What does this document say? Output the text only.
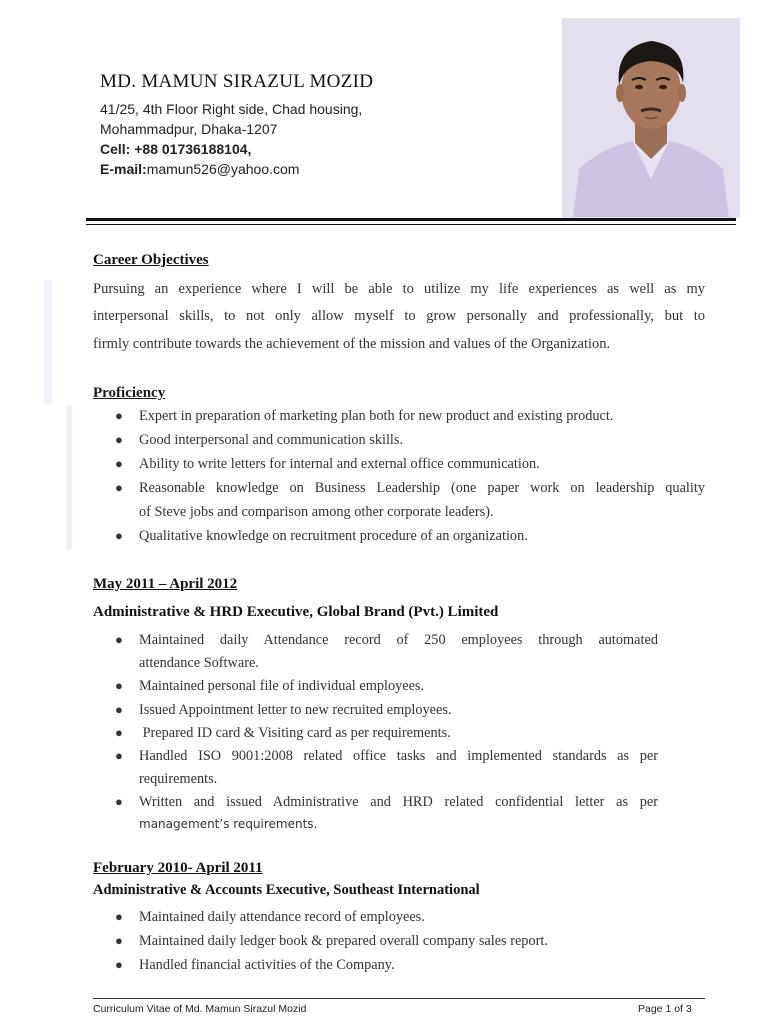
MD. MAMUN SIRAZUL MOZID
41/25, 4th Floor Right side, Chad housing,
Mohammadpur, Dhaka-1207
Cell: +88 01736188104,
E-mail:mamun526@yahoo.com
Career Objectives
Pursuing an experience where I will be able to utilize my life experiences as well as my
interpersonal skills, to not only allow myself to grow personally and professionally, but to
firmly contribute towards the achievement of the mission and values of the Organization.
Proficiency
● Expert in preparation of marketing plan both for new product and existing product.
● Good interpersonal and communication skills.
● Ability to write letters for internal and external office communication.
● Reasonable knowledge on Business Leadership (one paper work on leadership quality
of Steve jobs and comparison among other corporate leaders).
● Qualitative knowledge on recruitment procedure of an organization.
May 2011 – April 2012
Administrative & HRD Executive, Global Brand (Pvt.) Limited
● Maintained daily Attendance record of 250 employees through automated
attendance Software.
● Maintained personal file of individual employees.
● Issued Appointment letter to new recruited employees.
● Prepared ID card & Visiting card as per requirements.
● Handled ISO 9001:2008 related office tasks and implemented standards as per
requirements.
● Written and issued Administrative and HRD related confidential letter as per
management’s requirements.
February 2010- April 2011
Administrative & Accounts Executive, Southeast International
● Maintained daily attendance record of employees.
● Maintained daily ledger book & prepared overall company sales report.
● Handled financial activities of the Company.
Curriculum Vitae of Md. Mamun Sirazul Mozid	Page 1 of 3
